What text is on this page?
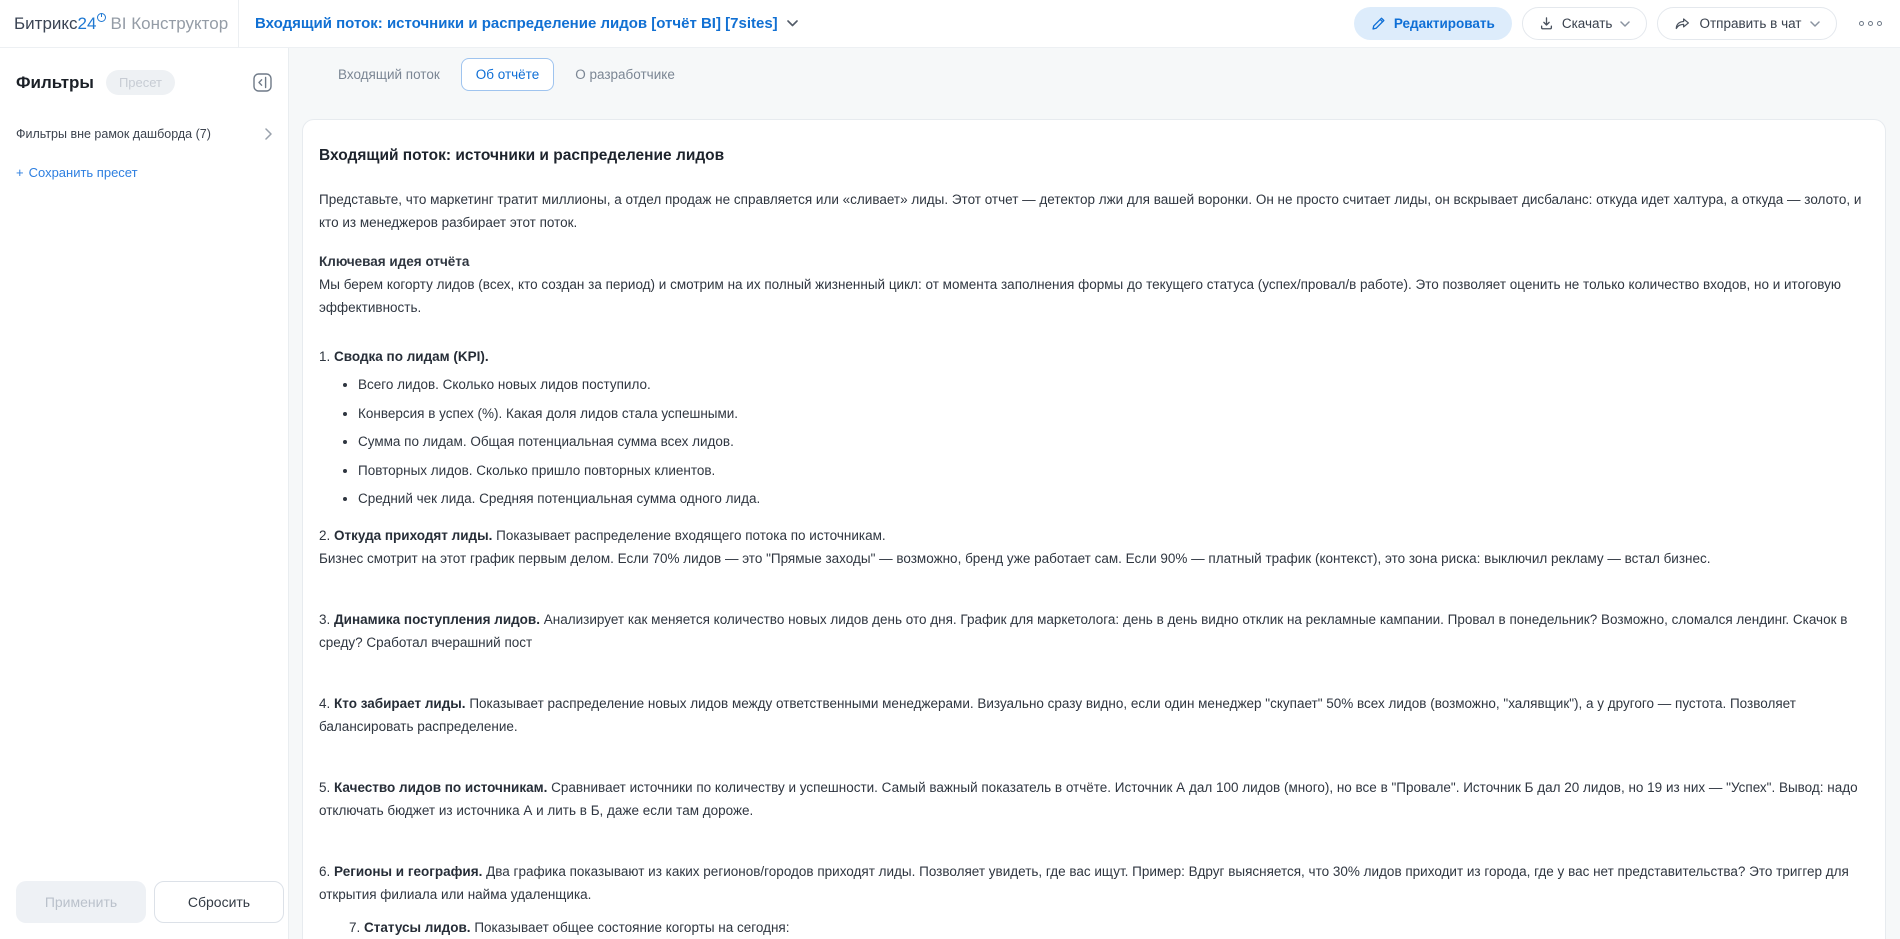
Битрикс 24 BI Конструктор Входящий поток: источники и распределение лидов [отчёт BI] [7sites]	Редактировать	Скачать	Отправить в чат
Фильтры	Пресет
Фильтры вне рамок дашборда (7)
+ Сохранить пресет
Применить	Сбросить
Входящий поток	Об отчёте	О разработчике
Входящий поток: источники и распределение лидов

Представьте, что маркетинг тратит миллионы, а отдел продаж не справляется или «сливает» лиды. Этот отчет — детектор лжи для вашей воронки. Он не просто считает лиды, он вскрывает дисбаланс: откуда идет халтура, а откуда — золото, и кто из менеджеров разбирает этот поток.

Ключевая идея отчёта

Мы берем когорту лидов (всех, кто создан за период) и смотрим на их полный жизненный цикл: от момента заполнения формы до текущего статуса (успех/провал/в работе). Это позволяет оценить не только количество входов, но и итоговую эффективность.

1. Сводка по лидам (KPI).

• Всего лидов. Сколько новых лидов поступило.
• Конверсия в успех (%). Какая доля лидов стала успешными.
• Сумма по лидам. Общая потенциальная сумма всех лидов.
• Повторных лидов. Сколько пришло повторных клиентов.
• Средний чек лида. Средняя потенциальная сумма одного лида.

2. Откуда приходят лиды. Показывает распределение входящего потока по источникам.

Бизнес смотрит на этот график первым делом. Если 70% лидов — это "Прямые заходы" — возможно, бренд уже работает сам. Если 90% — платный трафик (контекст), это зона риска: выключил рекламу — встал бизнес.

3. Динамика поступления лидов. Анализирует как меняется количество новых лидов день ото дня. График для маркетолога: день в день видно отклик на рекламные кампании. Провал в понедельник? Возможно, сломался лендинг. Скачок в среду? Сработал вчерашний пост

4. Кто забирает лиды. Показывает распределение новых лидов между ответственными менеджерами. Визуально сразу видно, если один менеджер "скупает" 50% всех лидов (возможно, "халявщик"), а у другого — пустота. Позволяет балансировать распределение.

5. Качество лидов по источникам. Сравнивает источники по количеству и успешности. Самый важный показатель в отчёте. Источник А дал 100 лидов (много), но все в "Провале". Источник Б дал 20 лидов, но 19 из них — "Успех". Вывод: надо отключать бюджет из источника А и лить в Б, даже если там дороже.

6. Регионы и география. Два графика показывают из каких регионов/городов приходят лиды. Позволяет увидеть, где вас ищут. Пример: Вдруг выясняется, что 30% лидов приходит из города, где у вас нет представительства? Это триггер для открытия филиала или найма удаленщика.

7. Статусы лидов. Показывает общее состояние когорты на сегодня:
